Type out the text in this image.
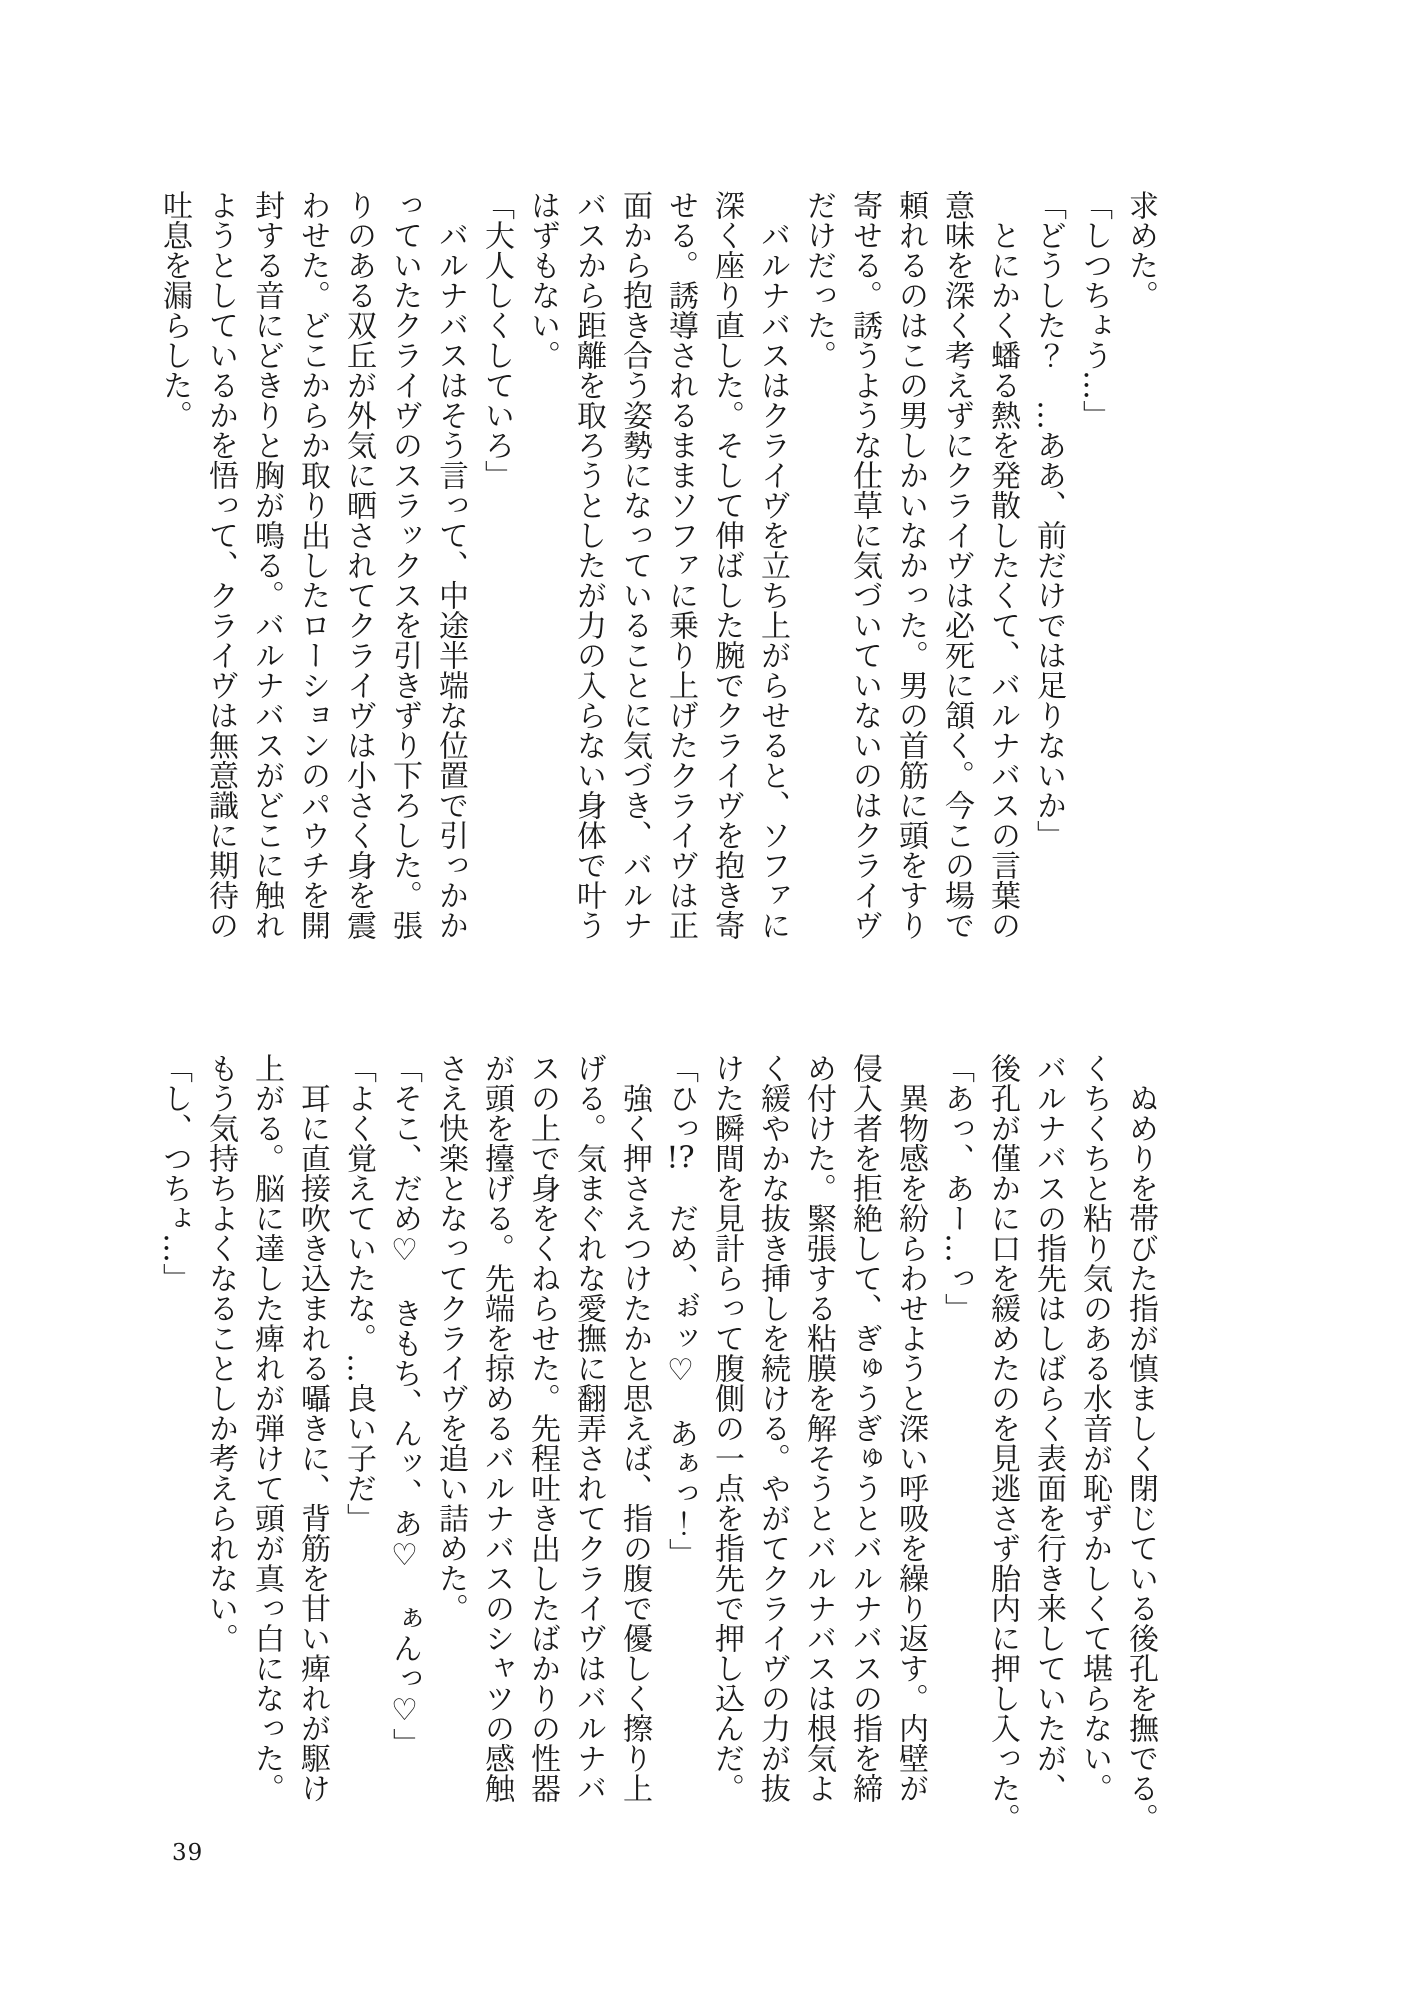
求めた。
「しつちょう…」
「どうした？　…ああ、前だけでは足りないか」
　とにかく蟠る熱を発散したくて、バルナバスの言葉の
意味を深く考えずにクライヴは必死に頷く。今この場で
頼れるのはこの男しかいなかった。男の首筋に頭をすり
寄せる。誘うような仕草に気づいていないのはクライヴ
だけだった。
　バルナバスはクライヴを立ち上がらせると、ソファに
深く座り直した。そして伸ばした腕でクライヴを抱き寄
せる。誘導されるままソファに乗り上げたクライヴは正
面から抱き合う姿勢になっていることに気づき、バルナ
バスから距離を取ろうとしたが力の入らない身体で叶う
はずもない。
「大人しくしていろ」
　バルナバスはそう言って、中途半端な位置で引っかか
っていたクライヴのスラックスを引きずり下ろした。張
りのある双丘が外気に晒されてクライヴは小さく身を震
わせた。どこからか取り出したローションのパウチを開
封する音にどきりと胸が鳴る。バルナバスがどこに触れ
ようとしているかを悟って、クライヴは無意識に期待の
吐息を漏らした。
　ぬめりを帯びた指が慎ましく閉じている後孔を撫でる。
くちくちと粘り気のある水音が恥ずかしくて堪らない。
バルナバスの指先はしばらく表面を行き来していたが、
後孔が僅かに口を緩めたのを見逃さず胎内に押し入った。
「あっ、あー…っ」
　異物感を紛らわせようと深い呼吸を繰り返す。内壁が
侵入者を拒絶して、ぎゅうぎゅうとバルナバスの指を締
め付けた。緊張する粘膜を解そうとバルナバスは根気よ
く緩やかな抜き挿しを続ける。やがてクライヴの力が抜
けた瞬間を見計らって腹側の一点を指先で押し込んだ。
「ひっ!?　だめ、ぉ゙ッ♡　あぁっ！」
　強く押さえつけたかと思えば、指の腹で優しく擦り上
げる。気まぐれな愛撫に翻弄されてクライヴはバルナバ
スの上で身をくねらせた。先程吐き出したばかりの性器
が頭を擡げる。先端を掠めるバルナバスのシャツの感触
さえ快楽となってクライヴを追い詰めた。
「そこ、だめ♡　きもち、んッ、あ♡　ぁんっ♡」
「よく覚えていたな。…良い子だ」
　耳に直接吹き込まれる囁きに、背筋を甘い痺れが駆け
上がる。脳に達した痺れが弾けて頭が真っ白になった。
もう気持ちよくなることしか考えられない。
「し、つちょ…」
39
